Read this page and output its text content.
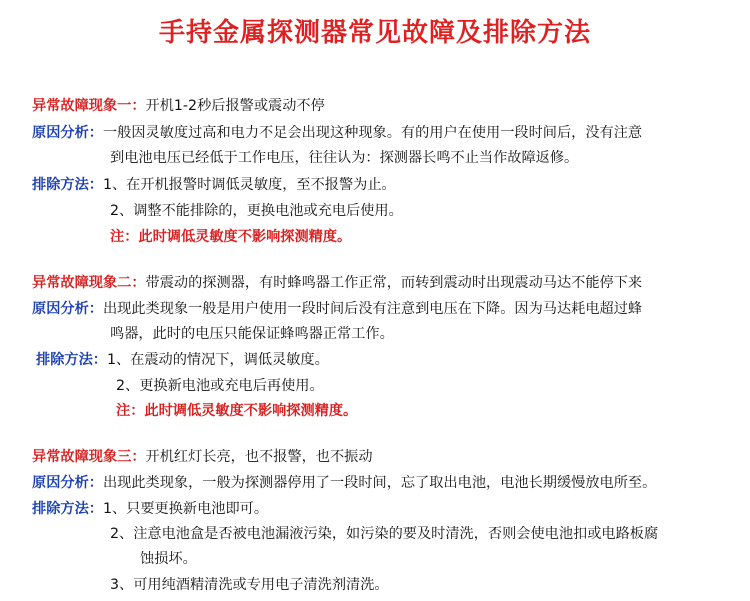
手持金属探测器常见故障及排除方法
异常故障现象一：开机1-2秒后报警或震动不停
原因分析：一般因灵敏度过高和电力不足会出现这种现象。有的用户在使用一段时间后，没有注意
到电池电压已经低于工作电压，往往认为：探测器长鸣不止当作故障返修。
排除方法：1、在开机报警时调低灵敏度，至不报警为止。
2、调整不能排除的，更换电池或充电后使用。
注：此时调低灵敏度不影响探测精度。
异常故障现象二：带震动的探测器，有时蜂鸣器工作正常，而转到震动时出现震动马达不能停下来
原因分析：出现此类现象一般是用户使用一段时间后没有注意到电压在下降。因为马达耗电超过蜂
鸣器，此时的电压只能保证蜂鸣器正常工作。
排除方法：1、在震动的情况下，调低灵敏度。
2、更换新电池或充电后再使用。
注：此时调低灵敏度不影响探测精度。
异常故障现象三：开机红灯长亮，也不报警，也不振动
原因分析：出现此类现象，一般为探测器停用了一段时间，忘了取出电池，电池长期缓慢放电所至。
排除方法：1、只要更换新电池即可。
2、注意电池盒是否被电池漏液污染，如污染的要及时清洗，否则会使电池扣或电路板腐
蚀损坏。
3、可用纯酒精清洗或专用电子清洗剂清洗。
